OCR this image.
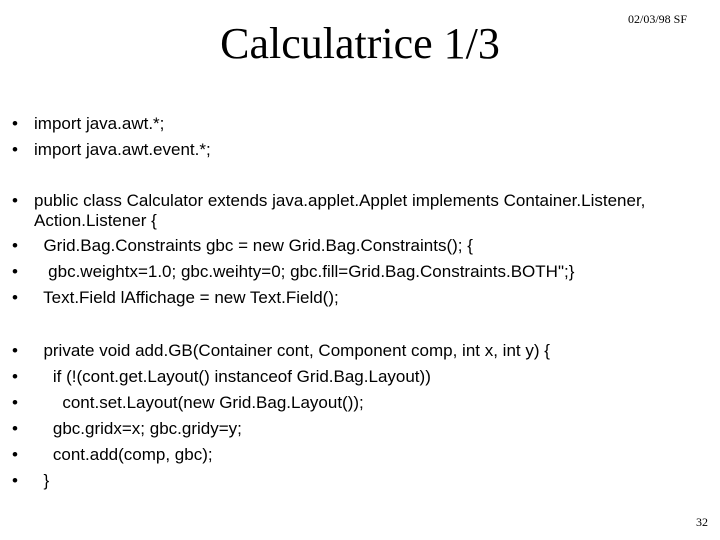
Calculatrice 1/3	02/03/98 SF
• import java.awt.*;
• import java.awt.event.*;
• public class Calculator extends java.applet.Applet implements Container.Listener,
Action.Listener {
• Grid.Bag.Constraints gbc = new Grid.Bag.Constraints(); {
• gbc.weightx=1.0; gbc.weihty=0; gbc.fill=Grid.Bag.Constraints.BOTH";}
• Text.Field lAffichage = new Text.Field();
• private void add.GB(Container cont, Component comp, int x, int y) {
• if (!(cont.get.Layout() instanceof Grid.Bag.Layout))
• cont.set.Layout(new Grid.Bag.Layout());
• gbc.gridx=x; gbc.gridy=y;
• cont.add(comp, gbc);
• }
32
